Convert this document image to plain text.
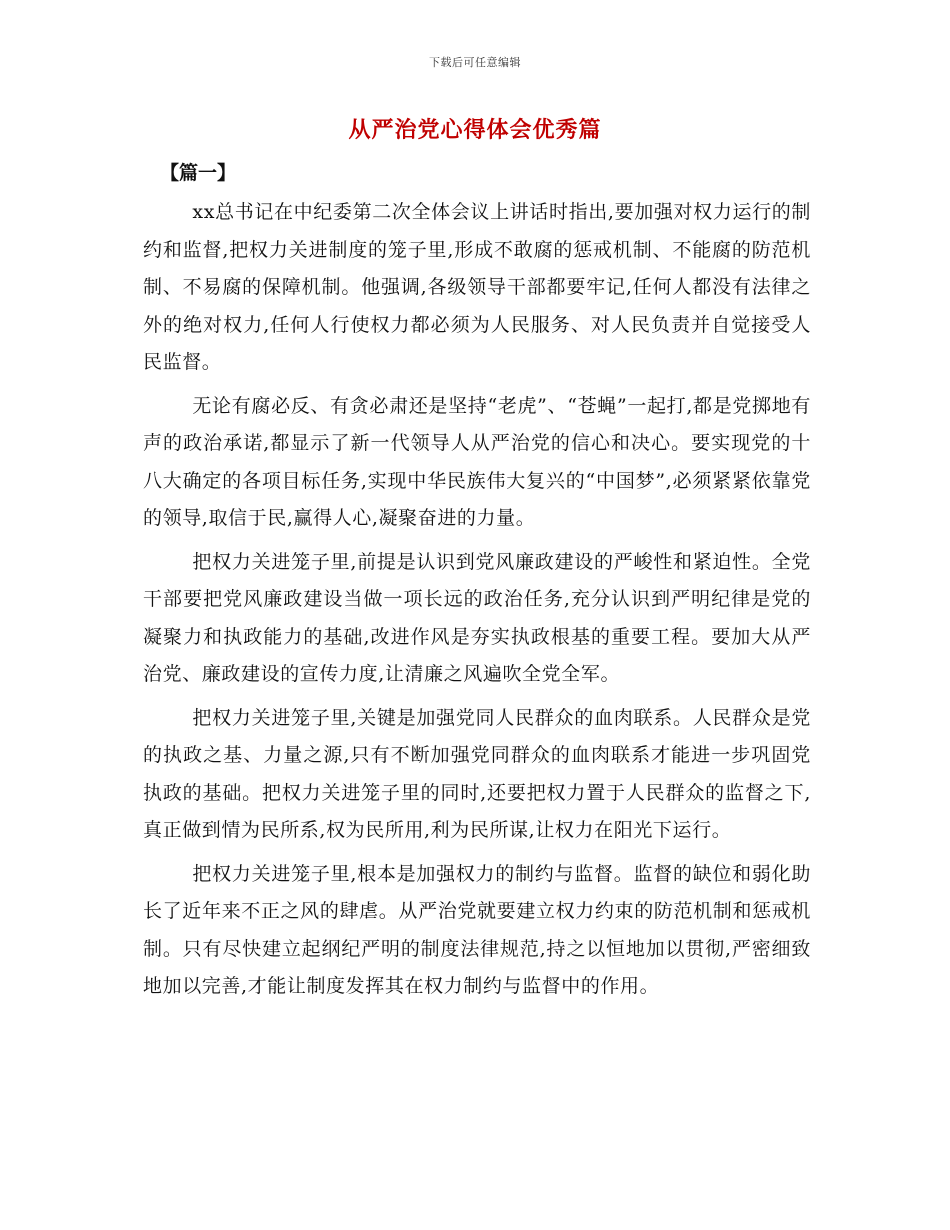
下载后可任意编辑
从严治党心得体会优秀篇
【篇一】

xx总书记在中纪委第二次全体会议上讲话时指出,要加强对权力运行的制约和监督,把权力关进制度的笼子里,形成不敢腐的惩戒机制、不能腐的防范机制、不易腐的保障机制。他强调,各级领导干部都要牢记,任何人都没有法律之外的绝对权力,任何人行使权力都必须为人民服务、对人民负责并自觉接受人民监督。

无论有腐必反、有贪必肃还是坚持“老虎”、“苍蝇”一起打,都是党掷地有声的政治承诺,都显示了新一代领导人从严治党的信心和决心。要实现党的十八大确定的各项目标任务,实现中华民族伟大复兴的“中国梦”,必须紧紧依靠党的领导,取信于民,赢得人心,凝聚奋进的力量。

把权力关进笼子里,前提是认识到党风廉政建设的严峻性和紧迫性。全党干部要把党风廉政建设当做一项长远的政治任务,充分认识到严明纪律是党的凝聚力和执政能力的基础,改进作风是夯实执政根基的重要工程。要加大从严治党、廉政建设的宣传力度,让清廉之风遍吹全党全军。

把权力关进笼子里,关键是加强党同人民群众的血肉联系。人民群众是党的执政之基、力量之源,只有不断加强党同群众的血肉联系才能进一步巩固党执政的基础。把权力关进笼子里的同时,还要把权力置于人民群众的监督之下,真正做到情为民所系,权为民所用,利为民所谋,让权力在阳光下运行。

把权力关进笼子里,根本是加强权力的制约与监督。监督的缺位和弱化助长了近年来不正之风的肆虐。从严治党就要建立权力约束的防范机制和惩戒机制。只有尽快建立起纲纪严明的制度法律规范,持之以恒地加以贯彻,严密细致地加以完善,才能让制度发挥其在权力制约与监督中的作用。
